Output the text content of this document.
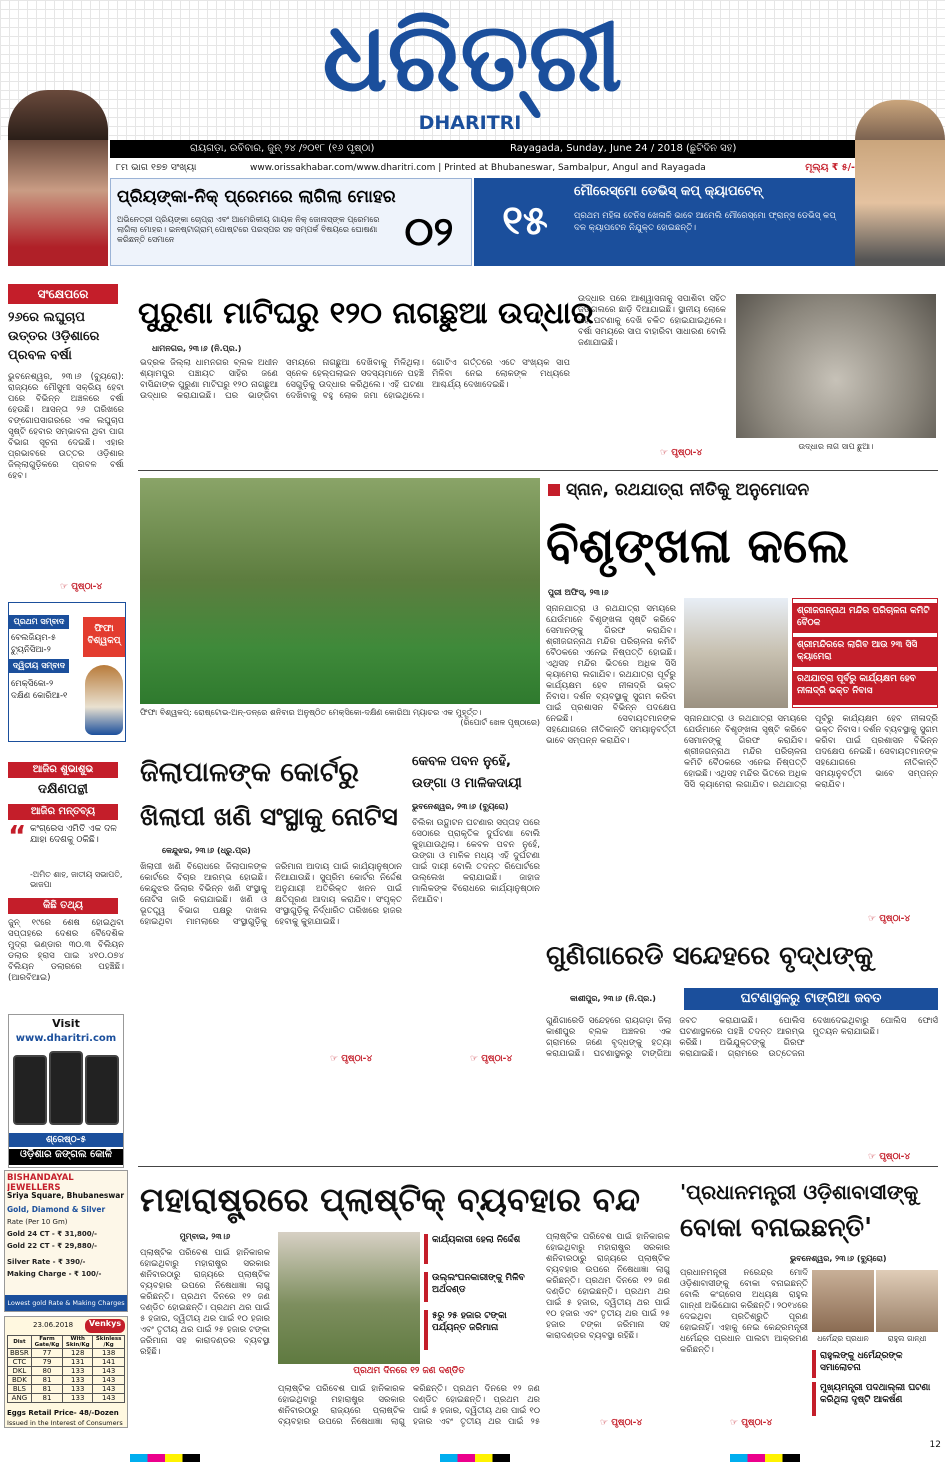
ଧରିତ୍ରୀ
DHARITRI
ରାୟଗଡ଼ା, ରବିବାର, ଜୁନ୍ ୨୪ /୨୦୧୮ (୧୬ ପୃଷ୍ଠା)	Rayagada, Sunday, June 24 / 2018 (ଛୁଟିଦିନ ସହ)
୮ମ ଭାଗ ୧୭୭ ସଂଖ୍ୟା	www.orissakhabar.com/www.dharitri.com | Printed at Bhubaneswar, Sambalpur, Angul and Rayagada	ମୂଲ୍ୟ ₹ ୫/-
ପ୍ରିୟଙ୍କା-ନିକ୍ ପ୍ରେମରେ ଲାଗିଲା ମୋହର
ଅଭିନେତ୍ରୀ ପ୍ରିୟଙ୍କା ଚୋପ୍ରା ଏବଂ ଆମେରିକୀୟ ଗାୟକ ନିକ୍ ଜୋନାସ୍ଙ୍କ ପ୍ରେମରେ ଲାଗିଲା ମୋହର। ଇନଷ୍ଟାଗ୍ରାମ୍ ପୋଷ୍ଟରେ ପରସ୍ପର ସହ ସମ୍ପର୍କ ବିଷୟରେ ଘୋଷଣା କରିଛନ୍ତି ସେମାନେ	୦୨	୧୫
ମୌରେସ୍ମୋ ଡେଭିସ୍ କପ୍ କ୍ୟାପଟେନ୍
ପ୍ରଥମ ମହିଳା ଟେନିସ ଖେଳାଳି ଭାବେ ଆମେଲି ମୌରେସ୍ମୋ ଫ୍ରାନ୍ସ ଡେଭିସ୍ କପ୍ ଦଳ କ୍ୟାପଟେନ ନିଯୁକ୍ତ ହୋଇଛନ୍ତି।
ସଂକ୍ଷେପରେ
୨୬ରେ ଲଘୁଚାପ ଉତ୍ତର ଓଡ଼ିଶାରେ ପ୍ରବଳ ବର୍ଷା
ଭୁବନେଶ୍ୱର, ୨୩।୬ (ବ୍ୟୁରୋ): ରାଜ୍ୟରେ ମୌସୁମୀ ସକ୍ରିୟ ହେବା ପରେ ବିଭିନ୍ନ ଅଞ୍ଚଳରେ ବର୍ଷା ହେଉଛି। ଆସନ୍ତା ୨୬ ତାରିଖରେ ବଙ୍ଗୋପସାଗରରେ ଏକ ଲଘୁଚାପ ସୃଷ୍ଟି ହେବାର ସମ୍ଭାବନା ଥିବା ପାଗ ବିଭାଗ ସୂଚନା ଦେଇଛି। ଏହାର ପ୍ରଭାବରେ ଉତ୍ତର ଓଡ଼ିଶାର ଜିଲ୍ଲାଗୁଡ଼ିକରେ ପ୍ରବଳ ବର୍ଷା ହେବ।
☞ ପୃଷ୍ଠା-୪
ପ୍ରଥମ ସମ୍ବାଦ
ବେଲଜିୟମ-୫
ଟ୍ୟୁନିସିଆ-୨
ଦ୍ୱିତୀୟ ସମ୍ବାଦ
ମେକ୍ସିକୋ-୨
ଦକ୍ଷିଣ କୋରିଆ-୧
ଫିଫା ବିଶ୍ୱକପ୍
ଆଜିର ଶୁଭାଶୁଭ
ଦକ୍ଷିଣପନ୍ଥୀ
ଆଜିର ମନ୍ତବ୍ୟ
“ କଂଗ୍ରେସ ଏମିତି ଏକ ଦଳ ଯାହା ଦେଶକୁ ଠକିଛି।
-ଅମିତ ଶାହ, ଜାତୀୟ ସଭାପତି, ଭାଜପା
କିଛି ତଥ୍ୟ
ଜୁନ୍ ୧୯ରେ ଶେଷ ହୋଇଥିବା ସପ୍ତାହରେ ଦେଶର ବୈଦେଶିକ ମୁଦ୍ରା ଭଣ୍ଡାର ୩୦.୩ ବିଲିୟନ ଡଲାର ହ୍ରାସ ପାଇ ୪୧୦.୦୭୪ ବିଲିୟନ ଡଲାରରେ ପହଞ୍ଚିଛି। (ଆରବିଆଇ)
Visit
www.dharitri.com
ଶ୍ରେଷ୍ଠ-୫
ଓଡ଼ିଶାର ଜଙ୍ଗଲ କୋଳି
BISHANDAYAL JEWELLERS
Sriya Square, Bhubaneswar
Gold, Diamond & Silver
Rate (Per 10 Gm)
Gold 24 CT - ₹ 31,800/-
Gold 22 CT - ₹ 29,880/-
Silver Rate - ₹ 390/-
Making Charge - ₹ 100/-
Lowest gold Rate & Making Charges
23.06.2018	Venkys
Dist	Farm Gate/Kg	With Skin/Kg	Skinless /Kg
BBSR	77	128	138
CTC	79	131	141
DKL	80	133	143
BDK	81	133	143
BLS	81	133	143
ANG	81	133	143
Eggs Retail Price- 48/-Dozen
Issued in the Interest of Consumers
ପୁରୁଣା ମାଟିଘରୁ ୧୨୦ ନାଗଛୁଆ ଉଦ୍ଧାର
ଧାମନଗର, ୨୩।୬ (ନି.ପ୍ର.)
ଭଦ୍ରକ ଜିଲ୍ଲା ଧାମନଗର ବ୍ଲକ ଅଧୀନ ଶ୍ୟାମପୁର ପଞ୍ଚାୟତ ସାହିର ଜଣେ ବାସିନ୍ଦାଙ୍କ ପୁରୁଣା ମାଟିଘରୁ ୧୨୦ ନାଗଛୁଆ ଉଦ୍ଧାର କରାଯାଇଛି। ଘର ଭାଙ୍ଗିବା ସମୟରେ ନାଗଛୁଆ ଦେଖିବାକୁ ମିଳିଥିଲା। ସ୍ନେକ ହେଲ୍ପଲାଇନ ସଦସ୍ୟମାନେ ପହଞ୍ଚି ସେଗୁଡ଼ିକୁ ଉଦ୍ଧାର କରିଥିଲେ। ଏହି ଘଟଣା ଦେଖିବାକୁ ବହୁ ଲୋକ ଜମା ହୋଇଥିଲେ। ଗୋଟିଏ ଗର୍ତ୍ତରେ ଏତେ ସଂଖ୍ୟକ ସାପ ମିଳିବା ନେଇ ଲୋକଙ୍କ ମଧ୍ୟରେ ଆଶ୍ଚର୍ଯ୍ୟ ଦେଖାଦେଇଛି।
ଉଦ୍ଧାର ପରେ ଆଶ୍ୱାସନାକୁ ସପାଶିବା ସହିତ ଜଙ୍ଗଲରେ ଛାଡ଼ି ଦିଆଯାଇଛି। ସ୍ଥାନୀୟ ଲୋକେ ଏହି ଘଟଣାକୁ ଦେଖି ଚକିତ ହୋଇଯାଇଥିଲେ। ବର୍ଷା ସମୟରେ ସାପ ବାହାରିବା ସାଧାରଣ ବୋଲି ଜଣାଯାଇଛି।
☞ ପୃଷ୍ଠା-୪
ଉଦ୍ଧାର ନାଗ ସାପ ଛୁଆ।
ଫିଫା ବିଶ୍ୱକପ୍: ରୋଷ୍ଟୋଭ-ଅନ୍-ଡନ୍‌ରେ ଶନିବାର ଅନୁଷ୍ଠିତ ମେକ୍ସିକୋ-ଦକ୍ଷିଣ କୋରିଆ ମ୍ୟାଚର ଏକ ମୁହୂର୍ତ୍ତ।
(ରିପୋର୍ଟ ଖେଳ ପୃଷ୍ଠାରେ)
ସ୍ନାନ, ରଥଯାତ୍ରା ନୀତିକୁ ଅନୁମୋଦନ
ବିଶୃଙ୍ଖଳା କଲେ
ପୁରୀ ଅଫିସ୍, ୨୩।୬
ସ୍ନାନଯାତ୍ରା ଓ ରଥଯାତ୍ରା ସମୟରେ ଯେଉଁମାନେ ବିଶୃଙ୍ଖଳା ସୃଷ୍ଟି କରିବେ ସେମାନଙ୍କୁ ଗିରଫ କରାଯିବ। ଶ୍ରୀଜଗନ୍ନାଥ ମନ୍ଦିର ପରିଚାଳନା କମିଟି ବୈଠକରେ ଏନେଇ ନିଷ୍ପତ୍ତି ହୋଇଛି। ଏଥିସହ ମନ୍ଦିର ଭିତରେ ଅଧିକ ସିସି କ୍ୟାମେରା ଲଗାଯିବ। ରଥଯାତ୍ରା ପୂର୍ବରୁ କାର୍ଯ୍ୟକ୍ଷମ ହେବ ନୀଳାଦ୍ରି ଭକ୍ତ ନିବାସ। ଦର୍ଶନ ବ୍ୟବସ୍ଥାକୁ ସୁଗମ କରିବା ପାଇଁ ପ୍ରଶାସନ ବିଭିନ୍ନ ପଦକ୍ଷେପ ନେଇଛି। ସେବାୟତମାନଙ୍କ ସହଯୋଗରେ ନୀତିକାନ୍ତି ସମୟାନୁବର୍ତ୍ତୀ ଭାବେ ସମ୍ପନ୍ନ କରାଯିବ।
ଶ୍ରୀଜଗନ୍ନାଥ ମନ୍ଦିର ପରିଚାଳନା କମିଟି ବୈଠକ
ଶ୍ରୀମନ୍ଦିରରେ ଲାଗିବ ଆଉ ୨୩ ସିସି କ୍ୟାମେରା
ରଥଯାତ୍ରା ପୂର୍ବରୁ କାର୍ଯ୍ୟକ୍ଷମ ହେବ ନୀଳାଦ୍ରି ଭକ୍ତ ନିବାସ
ସ୍ନାନଯାତ୍ରା ଓ ରଥଯାତ୍ରା ସମୟରେ ଯେଉଁମାନେ ବିଶୃଙ୍ଖଳା ସୃଷ୍ଟି କରିବେ ସେମାନଙ୍କୁ ଗିରଫ କରାଯିବ। ଶ୍ରୀଜଗନ୍ନାଥ ମନ୍ଦିର ପରିଚାଳନା କମିଟି ବୈଠକରେ ଏନେଇ ନିଷ୍ପତ୍ତି ହୋଇଛି। ଏଥିସହ ମନ୍ଦିର ଭିତରେ ଅଧିକ ସିସି କ୍ୟାମେରା ଲଗାଯିବ। ରଥଯାତ୍ରା ପୂର୍ବରୁ କାର୍ଯ୍ୟକ୍ଷମ ହେବ ନୀଳାଦ୍ରି ଭକ୍ତ ନିବାସ। ଦର୍ଶନ ବ୍ୟବସ୍ଥାକୁ ସୁଗମ କରିବା ପାଇଁ ପ୍ରଶାସନ ବିଭିନ୍ନ ପଦକ୍ଷେପ ନେଇଛି। ସେବାୟତମାନଙ୍କ ସହଯୋଗରେ ନୀତିକାନ୍ତି ସମୟାନୁବର୍ତ୍ତୀ ଭାବେ ସମ୍ପନ୍ନ କରାଯିବ।
☞ ପୃଷ୍ଠା-୪
ଜିଲାପାଳଙ୍କ କୋର୍ଟରୁ
ଖିଲାପୀ ଖଣି ସଂସ୍ଥାକୁ ନୋଟିସ
କେନ୍ଦୁଝର, ୨୩।୬ (ଧ୍ରୁ.ପ୍ର)
ଖିଲାପୀ ଖଣି ବିରୋଧରେ ଜିଲାପାଳଙ୍କ କୋର୍ଟରେ ବିଚାର ଆରମ୍ଭ ହୋଇଛି। କେନ୍ଦୁଝର ଜିଲାର ବିଭିନ୍ନ ଖଣି ସଂସ୍ଥାକୁ ନୋଟିସ ଜାରି କରାଯାଇଛି। ଖଣି ଓ ଭୂତତ୍ତ୍ୱ ବିଭାଗ ପକ୍ଷରୁ ଦାଖଲ ହୋଇଥିବା ମାମଲାରେ ସଂସ୍ଥାଗୁଡ଼ିକୁ ଜରିମାନା ଆଦାୟ ପାଇଁ କାର୍ଯ୍ୟାନୁଷ୍ଠାନ ନିଆଯାଉଛି। ସୁପ୍ରିମ କୋର୍ଟର ନିର୍ଦ୍ଦେଶ ଅନୁଯାୟୀ ଅତିରିକ୍ତ ଖନନ ପାଇଁ କ୍ଷତିପୂରଣ ଆଦାୟ କରାଯିବ। ସଂପୃକ୍ତ ସଂସ୍ଥାଗୁଡ଼ିକୁ ନିର୍ଦ୍ଧାରିତ ତାରିଖରେ ହାଜର ହେବାକୁ କୁହାଯାଇଛି।
☞ ପୃଷ୍ଠା-୪
କେବଳ ପବନ ନୁହେଁ,
ଉଙ୍ଗା ଓ ମାଳିକଦାୟୀ
ଭୁବନେଶ୍ୱର, ୨୩।୬ (ବ୍ୟୁରୋ)
ଚିଲିକା ଉଦ୍ଘାଟନ ଘଟଣାର ସପ୍ତାହ ପରେ ସେଠାରେ ପ୍ରାକୃତିକ ଦୁର୍ଘଟଣା ବୋଲି କୁହାଯାଉଥିଲା। କେବଳ ପବନ ନୁହେଁ, ଉଙ୍ଗା ଓ ମାଳିକ ମଧ୍ୟ ଏହି ଦୁର୍ଘଟଣା ପାଇଁ ଦାୟୀ ବୋଲି ତଦନ୍ତ ରିପୋର୍ଟରେ ଉଲ୍ଲେଖ କରାଯାଇଛି। ଜାହାଜ ମାଲିକଙ୍କ ବିରୋଧରେ କାର୍ଯ୍ୟାନୁଷ୍ଠାନ ନିଆଯିବ।
☞ ପୃଷ୍ଠା-୪
ଗୁଣିଗାରେଡି ସନ୍ଦେହରେ ବୃଦ୍ଧଙ୍କୁ
କାଶୀପୁର, ୨୩।୬ (ନି.ପ୍ର.)	ଘଟଣାସ୍ଥଳରୁ ଟାଙ୍ଗିଆ ଜବତ
ଗୁଣିଗାରେଡି ସନ୍ଦେହରେ ରାୟଗଡ଼ା ଜିଲା କାଶୀପୁର ବ୍ଲକ ଅଞ୍ଚଳର ଏକ ଗ୍ରାମରେ ଜଣେ ବୃଦ୍ଧଙ୍କୁ ହତ୍ୟା କରାଯାଇଛି। ଘଟଣାସ୍ଥଳରୁ ଟାଙ୍ଗିଆ ଜବତ କରାଯାଇଛି। ପୋଲିସ ଘଟଣାସ୍ଥଳରେ ପହଞ୍ଚି ତଦନ୍ତ ଆରମ୍ଭ କରିଛି। ଅଭିଯୁକ୍ତଙ୍କୁ ଗିରଫ କରାଯାଇଛି। ଗ୍ରାମରେ ଉତ୍ତେଜନା ଦେଖାଦେଇଥିବାରୁ ପୋଲିସ ଫୋର୍ସ ମୁତୟନ କରାଯାଇଛି।
☞ ପୃଷ୍ଠା-୪
ମହାରାଷ୍ଟ୍ରରେ ପ୍ଲାଷ୍ଟିକ୍ ବ୍ୟବହାର ବନ୍ଦ
ମୁମ୍ବାଇ, ୨୩।୬
ପ୍ଲାଷ୍ଟିକ ପରିବେଶ ପାଇଁ ହାନିକାରକ ହୋଇଥିବାରୁ ମହାରାଷ୍ଟ୍ର ସରକାର ଶନିବାରଠାରୁ ରାଜ୍ୟରେ ପ୍ଲାଷ୍ଟିକ ବ୍ୟବହାର ଉପରେ ନିଷେଧାଜ୍ଞା ଲାଗୁ କରିଛନ୍ତି। ପ୍ରଥମ ଦିନରେ ୧୨ ଜଣ ଦଣ୍ଡିତ ହୋଇଛନ୍ତି। ପ୍ରଥମ ଥର ପାଇଁ ୫ ହଜାର, ଦ୍ୱିତୀୟ ଥର ପାଇଁ ୧୦ ହଜାର ଏବଂ ତୃତୀୟ ଥର ପାଇଁ ୨୫ ହଜାର ଟଙ୍କା ଜରିମାନା ସହ କାରାଦଣ୍ଡର ବ୍ୟବସ୍ଥା ରହିଛି।
କାର୍ଯ୍ୟକାରୀ ହେଲା ନିର୍ଦ୍ଦେଶ
ଉଲ୍ଲଂଘନକାରୀଙ୍କୁ ମିଳିବ ଅର୍ଥଦଣ୍ଡ
୫ରୁ ୨୫ ହଜାର ଟଙ୍କା ପର୍ଯ୍ୟନ୍ତ ଜରିମାନା
ପ୍ରଥମ ଦିନରେ ୧୨ ଜଣ ଦଣ୍ଡିତ
ପ୍ଲାଷ୍ଟିକ ପରିବେଶ ପାଇଁ ହାନିକାରକ ହୋଇଥିବାରୁ ମହାରାଷ୍ଟ୍ର ସରକାର ଶନିବାରଠାରୁ ରାଜ୍ୟରେ ପ୍ଲାଷ୍ଟିକ ବ୍ୟବହାର ଉପରେ ନିଷେଧାଜ୍ଞା ଲାଗୁ କରିଛନ୍ତି। ପ୍ରଥମ ଦିନରେ ୧୨ ଜଣ ଦଣ୍ଡିତ ହୋଇଛନ୍ତି। ପ୍ରଥମ ଥର ପାଇଁ ୫ ହଜାର, ଦ୍ୱିତୀୟ ଥର ପାଇଁ ୧୦ ହଜାର ଏବଂ ତୃତୀୟ ଥର ପାଇଁ ୨୫
ପ୍ଲାଷ୍ଟିକ ପରିବେଶ ପାଇଁ ହାନିକାରକ ହୋଇଥିବାରୁ ମହାରାଷ୍ଟ୍ର ସରକାର ଶନିବାରଠାରୁ ରାଜ୍ୟରେ ପ୍ଲାଷ୍ଟିକ ବ୍ୟବହାର ଉପରେ ନିଷେଧାଜ୍ଞା ଲାଗୁ କରିଛନ୍ତି। ପ୍ରଥମ ଦିନରେ ୧୨ ଜଣ ଦଣ୍ଡିତ ହୋଇଛନ୍ତି। ପ୍ରଥମ ଥର ପାଇଁ ୫ ହଜାର, ଦ୍ୱିତୀୟ ଥର ପାଇଁ ୧୦ ହଜାର ଏବଂ ତୃତୀୟ ଥର ପାଇଁ ୨୫ ହଜାର ଟଙ୍କା ଜରିମାନା ସହ କାରାଦଣ୍ଡର ବ୍ୟବସ୍ଥା ରହିଛି।
☞ ପୃଷ୍ଠା-୪
'ପ୍ରଧାନମନ୍ତ୍ରୀ ଓଡ଼ିଶାବାସୀଙ୍କୁ
ବୋକା ବନାଇଛନ୍ତି'
ଭୁବନେଶ୍ୱର, ୨୩।୬ (ବ୍ୟୁରୋ)
ପ୍ରଧାନମନ୍ତ୍ରୀ ନରେନ୍ଦ୍ର ମୋଦି ଓଡ଼ିଶାବାସୀଙ୍କୁ ବୋକା ବନାଇଛନ୍ତି ବୋଲି କଂଗ୍ରେସ ଅଧ୍ୟକ୍ଷ ରାହୁଲ ଗାନ୍ଧୀ ଅଭିଯୋଗ କରିଛନ୍ତି। ୨୦୧୪ରେ ଦେଇଥିବା ପ୍ରତିଶ୍ରୁତି ପୂରଣ ହୋଇନାହିଁ। ଏହାକୁ ନେଇ କେନ୍ଦ୍ରମନ୍ତ୍ରୀ ଧର୍ମେନ୍ଦ୍ର ପ୍ରଧାନ ପାଲଟା ଆକ୍ରମଣ କରିଛନ୍ତି।
ଧର୍ମେନ୍ଦ୍ର ପ୍ରଧାନ	ରାହୁଲ ଗାନ୍ଧୀ
ରାହୁଲଙ୍କୁ ଧର୍ମେନ୍ଦ୍ରଙ୍କ ସମାଲୋଚନା
ମୁଖ୍ୟମନ୍ତ୍ରୀ ପଦଥାଲ୍ଲୀ ଘଟଣା କରିଥିଲା ଦୃଷ୍ଟି ଆକର୍ଷଣ
☞ ପୃଷ୍ଠା-୪
12
